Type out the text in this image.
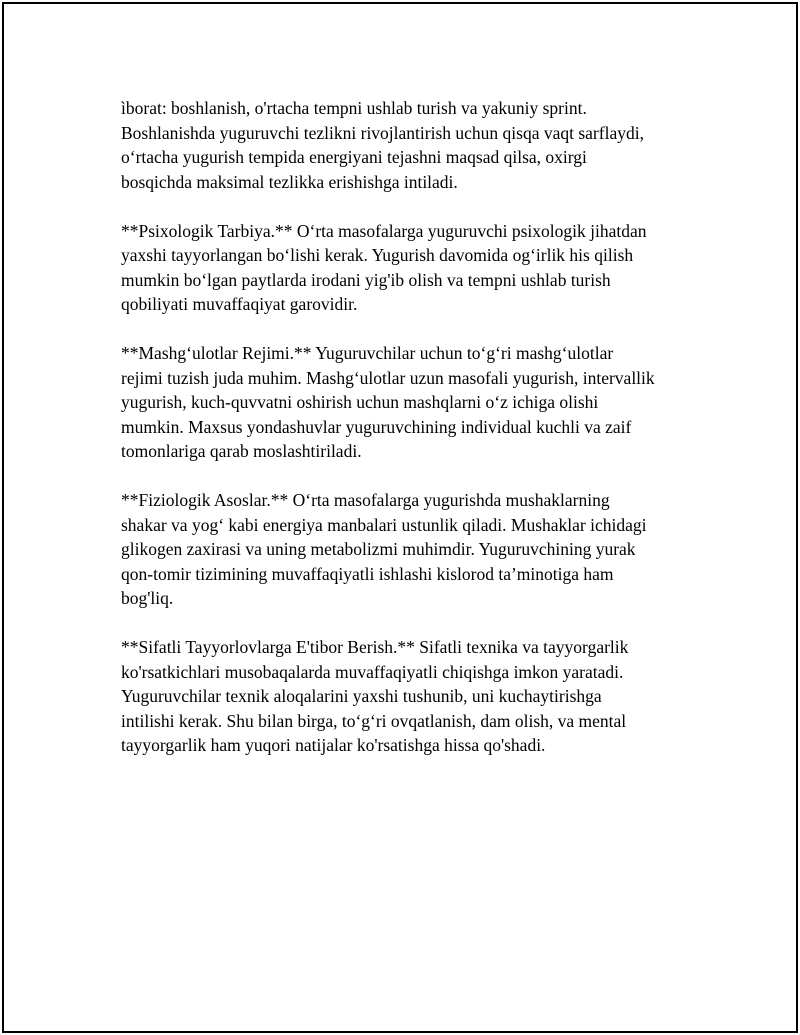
ìborat: boshlanish, o'rtacha tempni ushlab turish va yakuniy sprint.
Boshlanishda yuguruvchi tezlikni rivojlantirish uchun qisqa vaqt sarflaydi,
o‘rtacha yugurish tempida energiyani tejashni maqsad qilsa, oxirgi
bosqichda maksimal tezlikka erishishga intiladi.

**Psixologik Tarbiya.** O‘rta masofalarga yuguruvchi psixologik jihatdan
yaxshi tayyorlangan bo‘lishi kerak. Yugurish davomida og‘irlik his qilish
mumkin bo‘lgan paytlarda irodani yig'ib olish va tempni ushlab turish
qobiliyati muvaffaqiyat garovidir.

**Mashg‘ulotlar Rejimi.** Yuguruvchilar uchun to‘g‘ri mashg‘ulotlar
rejimi tuzish juda muhim. Mashg‘ulotlar uzun masofali yugurish, intervallik
yugurish, kuch-quvvatni oshirish uchun mashqlarni o‘z ichiga olishi
mumkin. Maxsus yondashuvlar yuguruvchining individual kuchli va zaif
tomonlariga qarab moslashtiriladi.

**Fiziologik Asoslar.** O‘rta masofalarga yugurishda mushaklarning
shakar va yog‘ kabi energiya manbalari ustunlik qiladi. Mushaklar ichidagi
glikogen zaxirasi va uning metabolizmi muhimdir. Yuguruvchining yurak
qon-tomir tizimining muvaffaqiyatli ishlashi kislorod ta’minotiga ham
bog'liq.

**Sifatli Tayyorlovlarga E'tibor Berish.** Sifatli texnika va tayyorgarlik
ko'rsatkichlari musobaqalarda muvaffaqiyatli chiqishga imkon yaratadi.
Yuguruvchilar texnik aloqalarini yaxshi tushunib, uni kuchaytirishga
intilishi kerak. Shu bilan birga, to‘g‘ri ovqatlanish, dam olish, va mental
tayyorgarlik ham yuqori natijalar ko'rsatishga hissa qo'shadi.
